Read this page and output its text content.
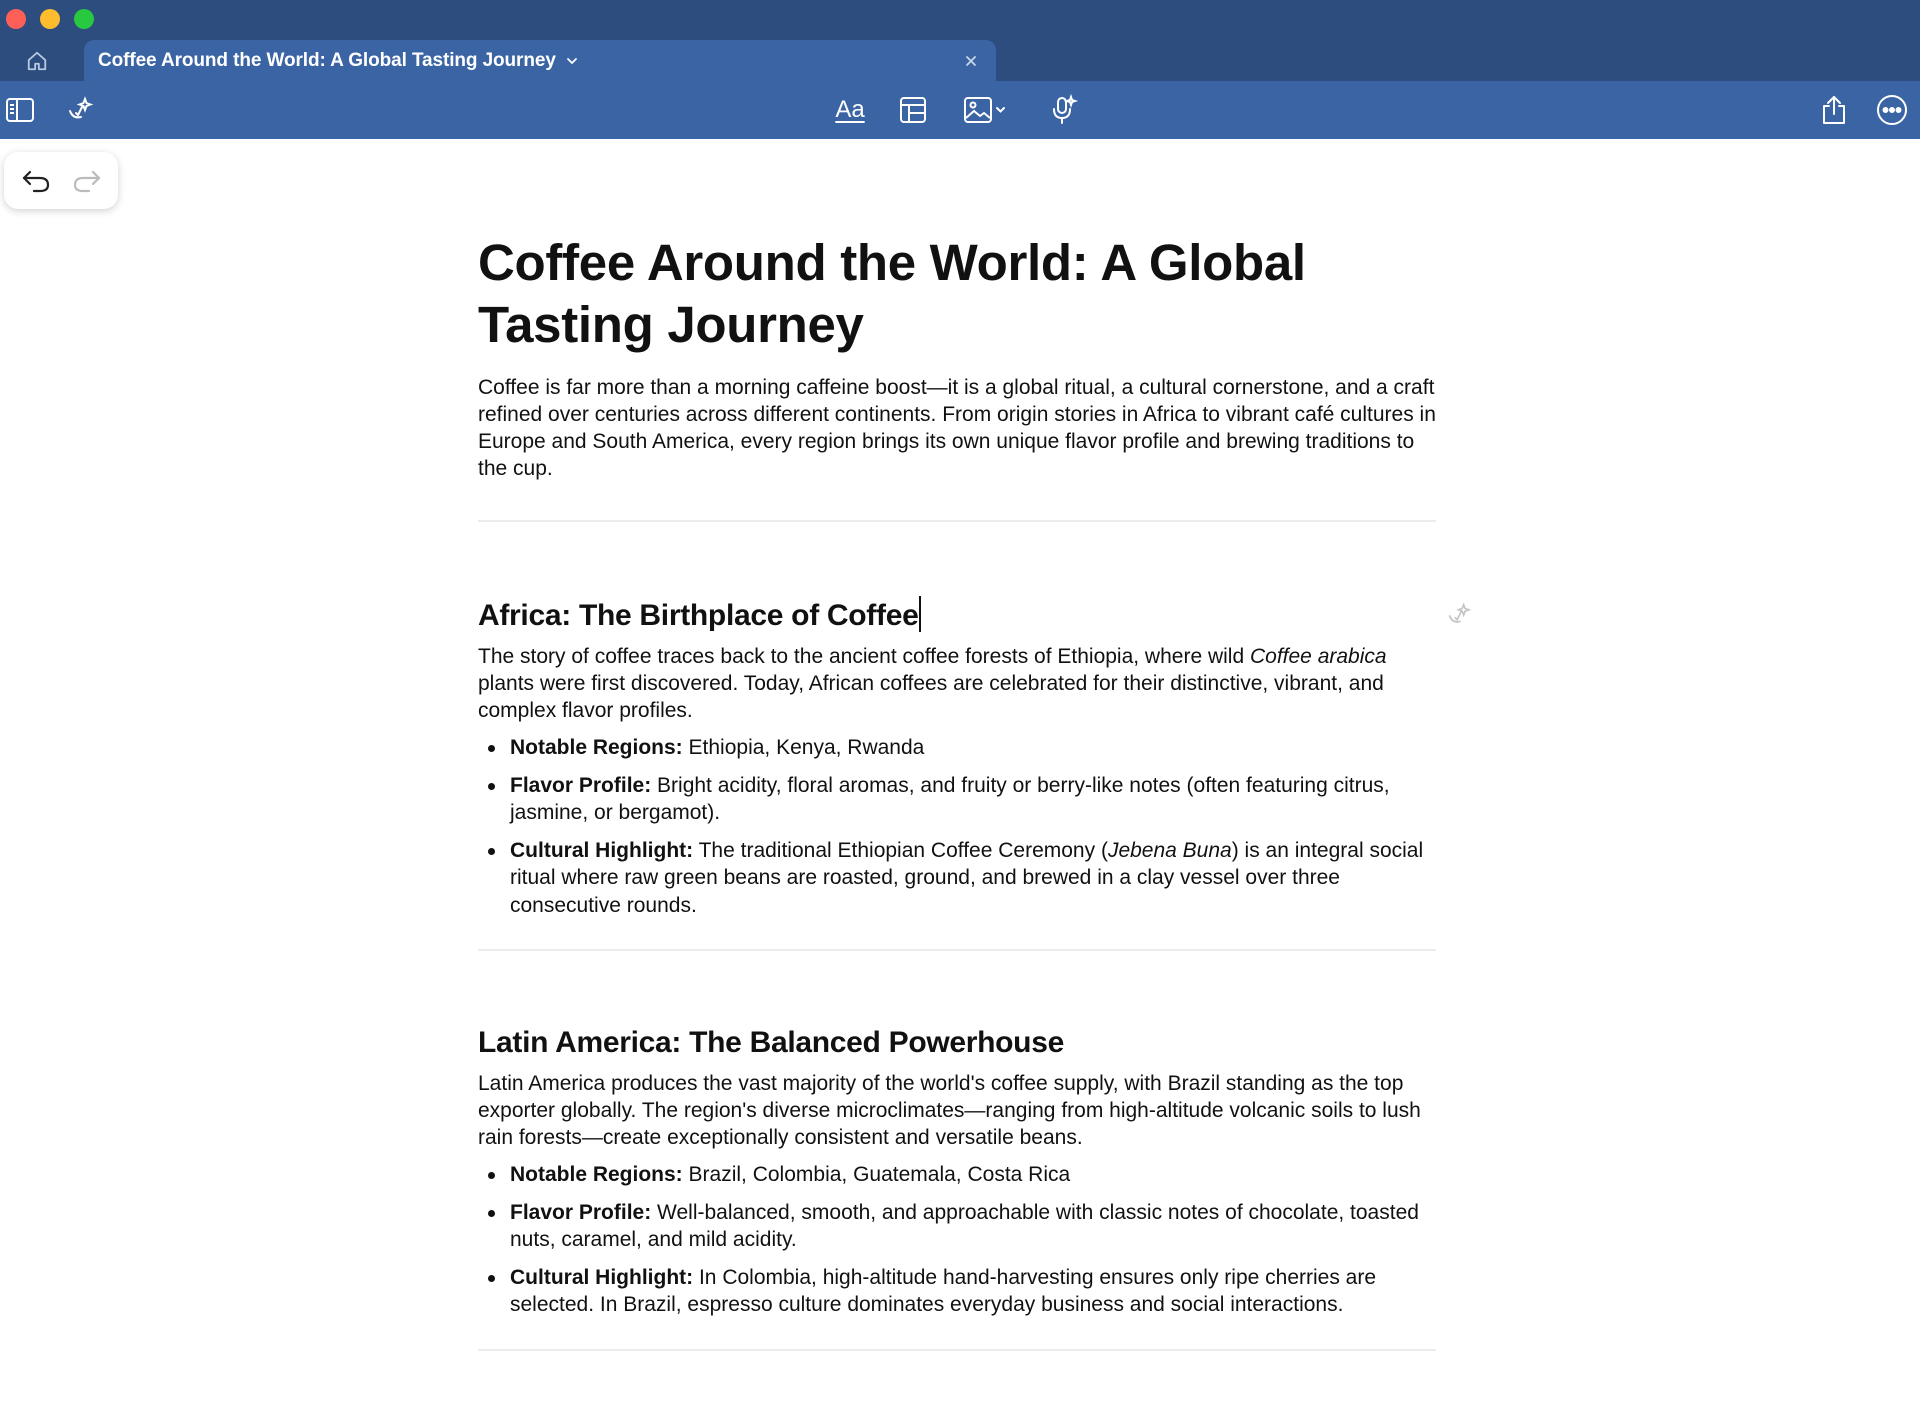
Coffee Around the World: A Global Tasting Journey
Aa
Coffee Around the World: A Global Tasting Journey

Coffee is far more than a morning caffeine boost—it is a global ritual, a cultural cornerstone, and a craft refined over centuries across different continents. From origin stories in Africa to vibrant café cultures in Europe and South America, every region brings its own unique flavor profile and brewing traditions to the cup.

Africa: The Birthplace of Coffee

The story of coffee traces back to the ancient coffee forests of Ethiopia, where wild Coffee arabica plants were first discovered. Today, African coffees are celebrated for their distinctive, vibrant, and complex flavor profiles.

Notable Regions: Ethiopia, Kenya, Rwanda
Flavor Profile: Bright acidity, floral aromas, and fruity or berry-like notes (often featuring citrus, jasmine, or bergamot).
Cultural Highlight: The traditional Ethiopian Coffee Ceremony (Jebena Buna) is an integral social ritual where raw green beans are roasted, ground, and brewed in a clay vessel over three consecutive rounds.
Latin America: The Balanced Powerhouse

Latin America produces the vast majority of the world's coffee supply, with Brazil standing as the top exporter globally. The region's diverse microclimates—ranging from high-altitude volcanic soils to lush rain forests—create exceptionally consistent and versatile beans.

Notable Regions: Brazil, Colombia, Guatemala, Costa Rica
Flavor Profile: Well-balanced, smooth, and approachable with classic notes of chocolate, toasted nuts, caramel, and mild acidity.
Cultural Highlight: In Colombia, high-altitude hand-harvesting ensures only ripe cherries are selected. In Brazil, espresso culture dominates everyday business and social interactions.
